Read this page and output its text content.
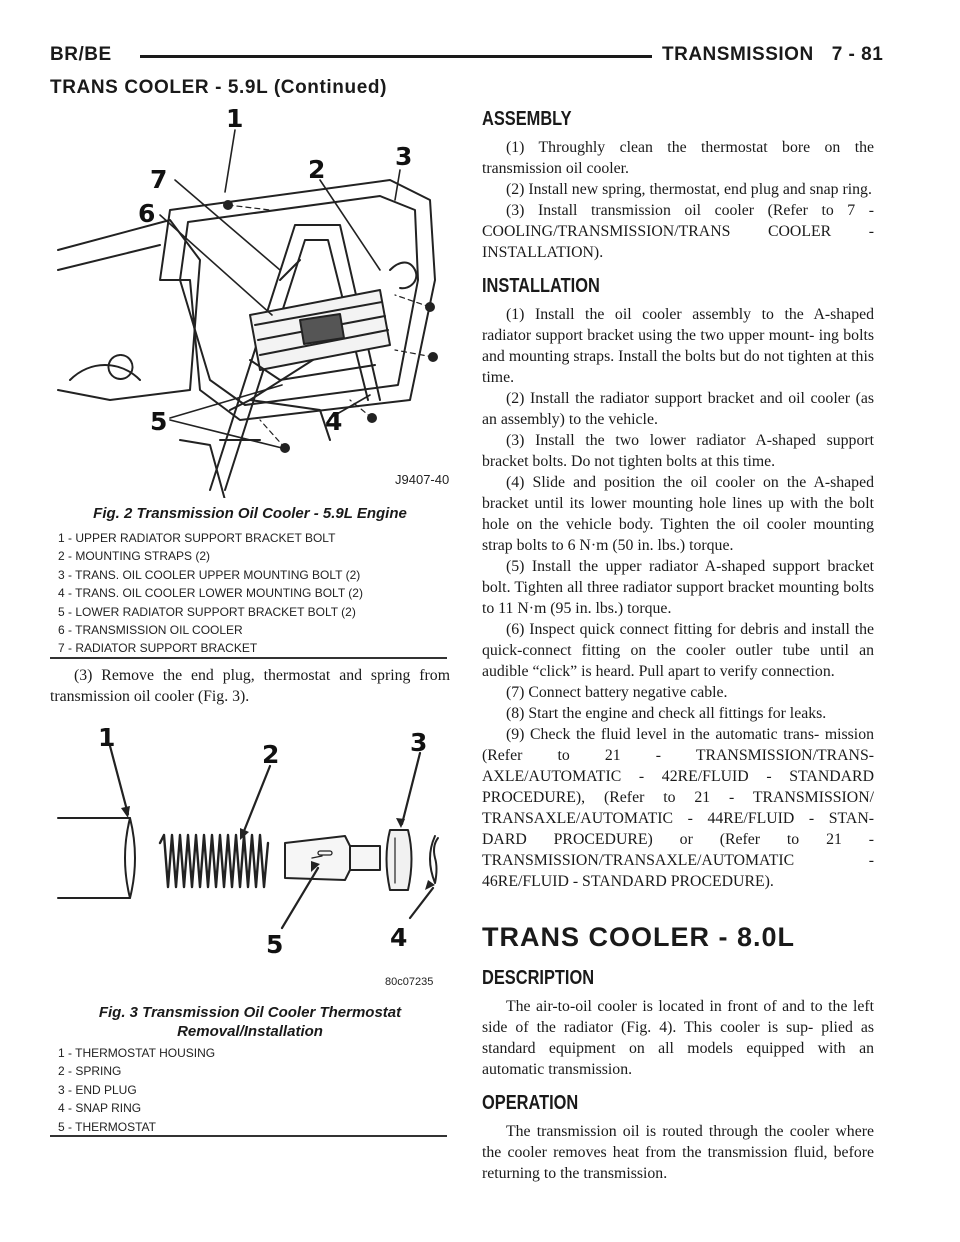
BR/BE	TRANSMISSION 7 - 81
TRANS COOLER - 5.9L (Continued)
1
2	3
7
6
5	4
J9407-40
Fig. 2 Transmission Oil Cooler - 5.9L Engine
1 - UPPER RADIATOR SUPPORT BRACKET BOLT
2 - MOUNTING STRAPS (2)
3 - TRANS. OIL COOLER UPPER MOUNTING BOLT (2)
4 - TRANS. OIL COOLER LOWER MOUNTING BOLT (2)
5 - LOWER RADIATOR SUPPORT BRACKET BOLT (2)
6 - TRANSMISSION OIL COOLER
7 - RADIATOR SUPPORT BRACKET

(3) Remove the end plug, thermostat and spring from transmission oil cooler (Fig. 3).

1
2	3
4
5
80c07235
Fig. 3 Transmission Oil Cooler Thermostat
Removal/Installation
1 - THERMOSTAT HOUSING
2 - SPRING
3 - END PLUG
4 - SNAP RING
5 - THERMOSTAT
ASSEMBLY

(1) Throughly clean the thermostat bore on the transmission oil cooler.

(2) Install new spring, thermostat, end plug and snap ring.

(3) Install transmission oil cooler (Refer to 7 - COOLING/TRANSMISSION/TRANS COOLER - INSTALLATION).

INSTALLATION

(1) Install the oil cooler assembly to the A-shaped radiator support bracket using the two upper mount- ing bolts and mounting straps. Install the bolts but do not tighten at this time.

(2) Install the radiator support bracket and oil cooler (as an assembly) to the vehicle.

(3) Install the two lower radiator A-shaped support bracket bolts. Do not tighten bolts at this time.

(4) Slide and position the oil cooler on the A-shaped bracket until its lower mounting hole lines up with the bolt hole on the vehicle body. Tighten the oil cooler mounting strap bolts to 6 N·m (50 in. lbs.) torque.

(5) Install the upper radiator A-shaped support bracket bolt. Tighten all three radiator support bracket mounting bolts to 11 N·m (95 in. lbs.) torque.

(6) Inspect quick connect fitting for debris and install the quick-connect fitting on the cooler outler tube until an audible “click” is heard. Pull apart to verify connection.

(7) Connect battery negative cable.

(8) Start the engine and check all fittings for leaks.

(9) Check the fluid level in the automatic trans- mission (Refer to 21 - TRANSMISSION/TRANS- AXLE/AUTOMATIC - 42RE/FLUID - STANDARD PROCEDURE), (Refer to 21 - TRANSMISSION/ TRANSAXLE/AUTOMATIC - 44RE/FLUID - STAN- DARD PROCEDURE) or (Refer to 21 - TRANSMISSION/TRANSAXLE/AUTOMATIC - 46RE/FLUID - STANDARD PROCEDURE).

TRANS COOLER - 8.0L
DESCRIPTION

The air-to-oil cooler is located in front of and to the left side of the radiator (Fig. 4). This cooler is sup- plied as standard equipment on all models equipped with an automatic transmission.

OPERATION

The transmission oil is routed through the cooler where the cooler removes heat from the transmission fluid, before returning to the transmission.
